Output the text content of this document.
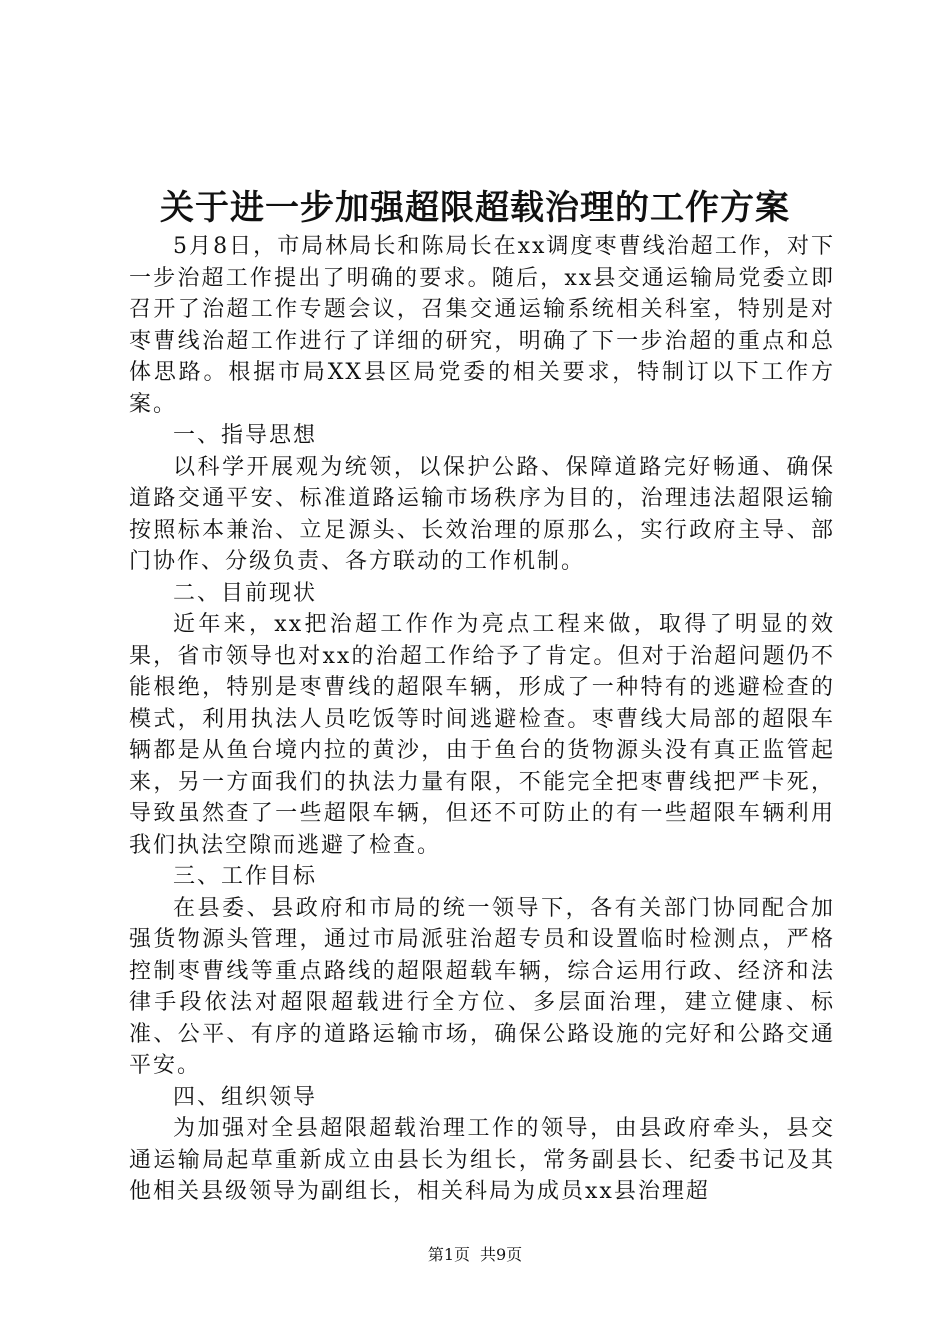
关于进一步加强超限超载治理的工作方案

5月8日，市局林局长和陈局长在xx调度枣曹线治超工作，对下一步治超工作提出了明确的要求。随后，xx县交通运输局党委立即召开了治超工作专题会议，召集交通运输系统相关科室，特别是对枣曹线治超工作进行了详细的研究，明确了下一步治超的重点和总体思路。根据市局XX县区局党委的相关要求，特制订以下工作方案。

一、指导思想

以科学开展观为统领，以保护公路、保障道路完好畅通、确保道路交通平安、标准道路运输市场秩序为目的，治理违法超限运输按照标本兼治、立足源头、长效治理的原那么，实行政府主导、部门协作、分级负责、各方联动的工作机制。

二、目前现状

近年来，xx把治超工作作为亮点工程来做，取得了明显的效果，省市领导也对xx的治超工作给予了肯定。但对于治超问题仍不能根绝，特别是枣曹线的超限车辆，形成了一种特有的逃避检查的模式，利用执法人员吃饭等时间逃避检查。枣曹线大局部的超限车辆都是从鱼台境内拉的黄沙，由于鱼台的货物源头没有真正监管起来，另一方面我们的执法力量有限，不能完全把枣曹线把严卡死，导致虽然查了一些超限车辆，但还不可防止的有一些超限车辆利用我们执法空隙而逃避了检查。

三、工作目标

在县委、县政府和市局的统一领导下，各有关部门协同配合加强货物源头管理，通过市局派驻治超专员和设置临时检测点，严格控制枣曹线等重点路线的超限超载车辆，综合运用行政、经济和法律手段依法对超限超载进行全方位、多层面治理，建立健康、标准、公平、有序的道路运输市场，确保公路设施的完好和公路交通平安。

四、组织领导

为加强对全县超限超载治理工作的领导，由县政府牵头，县交通运输局起草重新成立由县长为组长，常务副县长、纪委书记及其他相关县级领导为副组长，相关科局为成员xx县治理超

第1页 共9页
